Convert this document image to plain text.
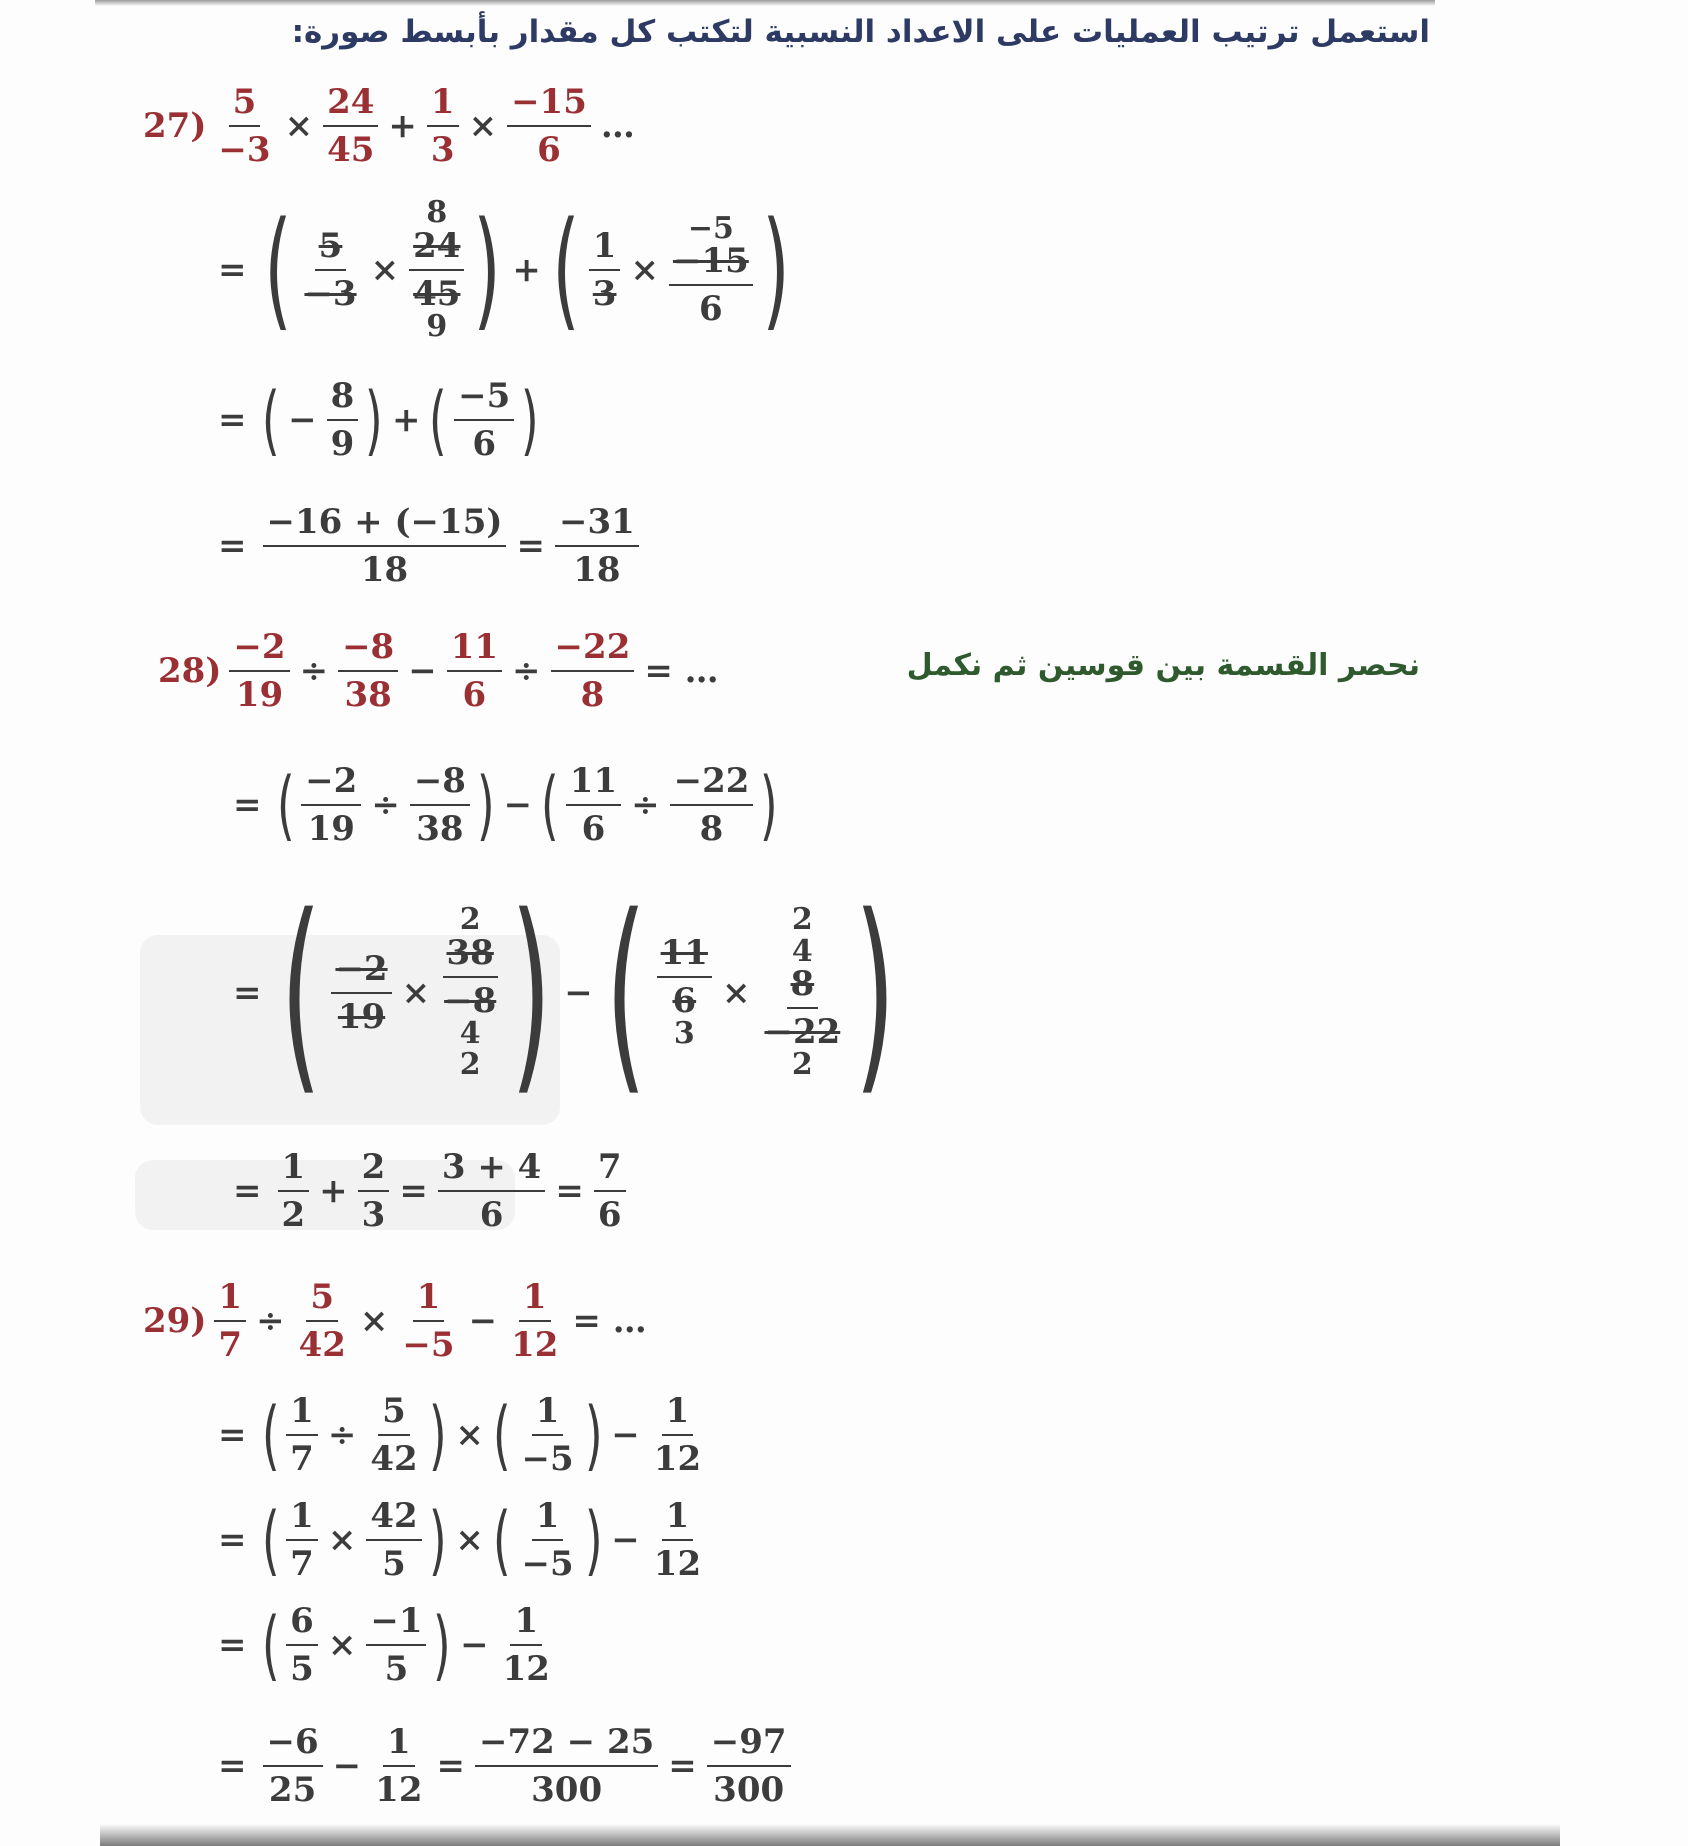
استعمل ترتيب العمليات على الاعداد النسبية لتكتب كل مقدار بأبسط صورة:
$27) \frac{5}{-3} \times \frac{24}{45} + \frac{1}{3} \times \frac{-15}{6}$ …
= ( $\frac{5}{-3}$ ×
8
$\frac{24}{45}$
9 ) + ( $\frac{1}{3}$ ×
−5
$\frac{-15}{6}$ )
= ( − $\frac{8}{9}$ ) + ( $\frac{-5}{6}$ )
= $\frac{-16 + (-15)}{18} = \frac{-31}{18}$
نحصر القسمة بين قوسين ثم نكمل
$28) \frac{-2}{19} \div \frac{-8}{38} - \frac{11}{6} \div \frac{-22}{8}$ = …
= ( $\frac{-2}{19} \div \frac{-8}{38}$ ) − ( $\frac{11}{6} \div \frac{-22}{8}$ )
= ( $\frac{-2}{19}$ ×
2
$\frac{38}{-8}$
4
2 ) − ( $\frac{11}{6}$
3
×
2
4
$\frac{8}{-22}$
2 )
= $\frac{1}{2} + \frac{2}{3} = \frac{3 + 4}{6} = \frac{7}{6}$
$29) \frac{1}{7} \div \frac{5}{42} \times \frac{1}{-5} - \frac{1}{12}$ = …
= ( $\frac{1}{7} \div \frac{5}{42}$ ) × ( $\frac{1}{-5}$ ) − $\frac{1}{12}$
= ( $\frac{1}{7} \times \frac{42}{5}$ ) × ( $\frac{1}{-5}$ ) − $\frac{1}{12}$
= ( $\frac{6}{5} \times \frac{-1}{5}$ ) − $\frac{1}{12}$
= $\frac{-6}{25} - \frac{1}{12} = \frac{-72 - 25}{300} = \frac{-97}{300}$
